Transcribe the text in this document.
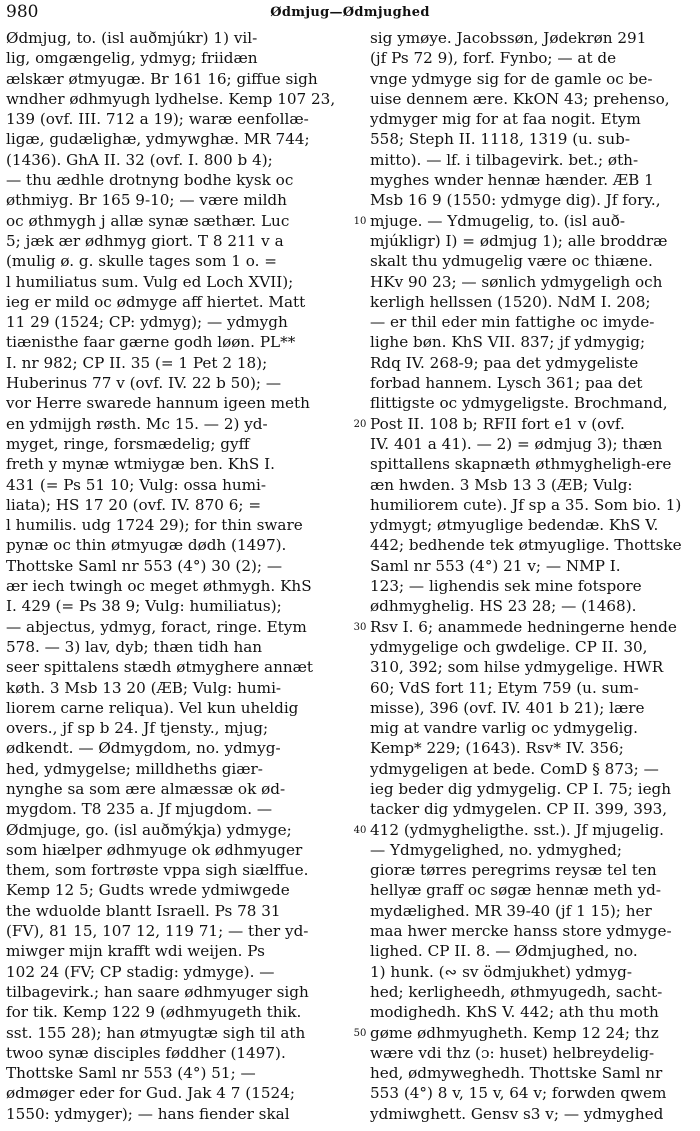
980	Ødmjug—Ødmjughed
Ødmjug, to. (isl auðmjúkr) 1) vil-
lig, omgængelig, ydmyg; friidæn
ælskær øtmyugæ. Br 161 16; giffue sigh
wndher ødhmyugh lydhelse. Kemp 107 23,
139 (ovf. III. 712 a 19); waræ eenfollæ-
ligæ, gudælighæ, ydmywghæ. MR 744;
(1436). GhA II. 32 (ovf. I. 800 b 4);
— thu ædhle drotnyng bodhe kysk oc
øthmiyg. Br 165 9-10; — være mildh
oc øthmygh j allæ synæ sæthær. Luc
5; jæk ær ødhmyg giort. T 8 211 v a
(mulig ø. g. skulle tages som 1 o. =
l humiliatus sum. Vulg ed Loch XVII);
ieg er mild oc ødmyge aff hiertet. Matt
11 29 (1524; CP: ydmyg); — ydmygh
tiænisthe faar gærne godh løøn. PL**
I. nr 982; CP II. 35 (= 1 Pet 2 18);
Huberinus 77 v (ovf. IV. 22 b 50); —
vor Herre swarede hannum igeen meth
en ydmijgh røsth. Mc 15. — 2) yd-
myget, ringe, forsmædelig; gyff
freth y mynæ wtmiygæ ben. KhS I.
431 (= Ps 51 10; Vulg: ossa humi-
liata); HS 17 20 (ovf. IV. 870 6; =
l humilis. udg 1724 29); for thin sware
pynæ oc thin øtmyugæ dødh (1497).
Thottske Saml nr 553 (4°) 30 (2); —
ær iech twingh oc meget øthmygh. KhS
I. 429 (= Ps 38 9; Vulg: humiliatus);
— abjectus, ydmyg, foract, ringe. Etym
578. — 3) lav, dyb; thæn tidh han
seer spittalens stædh øtmyghere annæt
køth. 3 Msb 13 20 (ÆB; Vulg: humi-
liorem carne reliqua). Vel kun uheldig
overs., jf sp b 24. Jf tjensty., mjug;
ødkendt. — Ødmygdom, no. ydmyg-
hed, ydmygelse; milldheths giær-
nynghe sa som ære almæssæ ok ød-
mygdom. T8 235 a. Jf mjugdom. —
Ødmjuge, go. (isl auðmýkja) ydmyge;
som hiælper ødhmyuge ok ødhmyuger
them, som fortrøste vppa sigh siælffue.
Kemp 12 5; Gudts wrede ydmiwgede
the wduolde blantt Israell. Ps 78 31
(FV), 81 15, 107 12, 119 71; — ther yd-
miwger mijn krafft wdi weijen. Ps
102 24 (FV; CP stadig: ydmyge). —
tilbagevirk.; han saare ødhmyuger sigh
for tik. Kemp 122 9 (ødhmyugeth thik.
sst. 155 28); han øtmyugtæ sigh til ath
twoo synæ disciples føddher (1497).
Thottske Saml nr 553 (4°) 51; —
ødmøger eder for Gud. Jak 4 7 (1524;
1550: ydmyger); — hans fiender skal
10
20
30
40
50
sig ymøye. Jacobssøn, Jødekrøn 291
(jf Ps 72 9), forf. Fynbo; — at de
vnge ydmyge sig for de gamle oc be-
uise dennem ære. KkON 43; prehenso,
ydmyger mig for at faa nogit. Etym
558; Steph II. 1118, 1319 (u. sub-
mitto). — lf. i tilbagevirk. bet.; øth-
myghes wnder hennæ hænder. ÆB 1
Msb 16 9 (1550: ydmyge dig). Jf fory.,
mjuge. — Ydmugelig, to. (isl auð-
mjúkligr) I) = ødmjug 1); alle broddræ
skalt thu ydmugelig være oc thiæne.
HKv 90 23; — sønlich ydmygeligh och
kerligh hellssen (1520). NdM I. 208;
— er thil eder min fattighe oc imyde-
lighe bøn. KhS VII. 837; jf ydmygig;
Rdq IV. 268-9; paa det ydmygeliste
forbad hannem. Lysch 361; paa det
flittigste oc ydmygeligste. Brochmand,
Post II. 108 b; RFII fort e1 v (ovf.
IV. 401 a 41). — 2) = ødmjug 3); thæn
spittallens skapnæth øthmygheligh-ere
æn hwden. 3 Msb 13 3 (ÆB; Vulg:
humiliorem cute). Jf sp a 35. Som bio. 1)
ydmygt; øtmyuglige bedendæ. KhS V.
442; bedhende tek øtmyuglige. Thottske
Saml nr 553 (4°) 21 v; — NMP I.
123; — lighendis sek mine fotspore
ødhmyghelig. HS 23 28; — (1468).
Rsv I. 6; anammede hedningerne hende
ydmygelige och gwdelige. CP II. 30,
310, 392; som hilse ydmygelige. HWR
60; VdS fort 11; Etym 759 (u. sum-
misse), 396 (ovf. IV. 401 b 21); lære
mig at vandre varlig oc ydmygelig.
Kemp* 229; (1643). Rsv* IV. 356;
ydmygeligen at bede. ComD § 873; —
ieg beder dig ydmygelig. CP I. 75; iegh
tacker dig ydmygelen. CP II. 399, 393,
412 (ydmygheligthe. sst.). Jf mjugelig.
— Ydmygelighed, no. ydmyghed;
gioræ tørres peregrims reysæ tel ten
hellyæ graff oc søgæ hennæ meth yd-
mydælighed. MR 39-40 (jf 1 15); her
maa hwer mercke hanss store ydmyge-
lighed. CP II. 8. — Ødmjughed, no.
1) hunk. (∾ sv ödmjukhet) ydmyg-
hed; kerligheedh, øthmyugedh, sacht-
modighedh. KhS V. 442; ath thu moth
gøme ødhmyugheth. Kemp 12 24; thz
wære vdi thz (ɔ: huset) helbreydelig-
hed, ødmyweghedh. Thottske Saml nr
553 (4°) 8 v, 15 v, 64 v; forwden qwem
ydmiwghett. Gensv s3 v; — ydmyghed
